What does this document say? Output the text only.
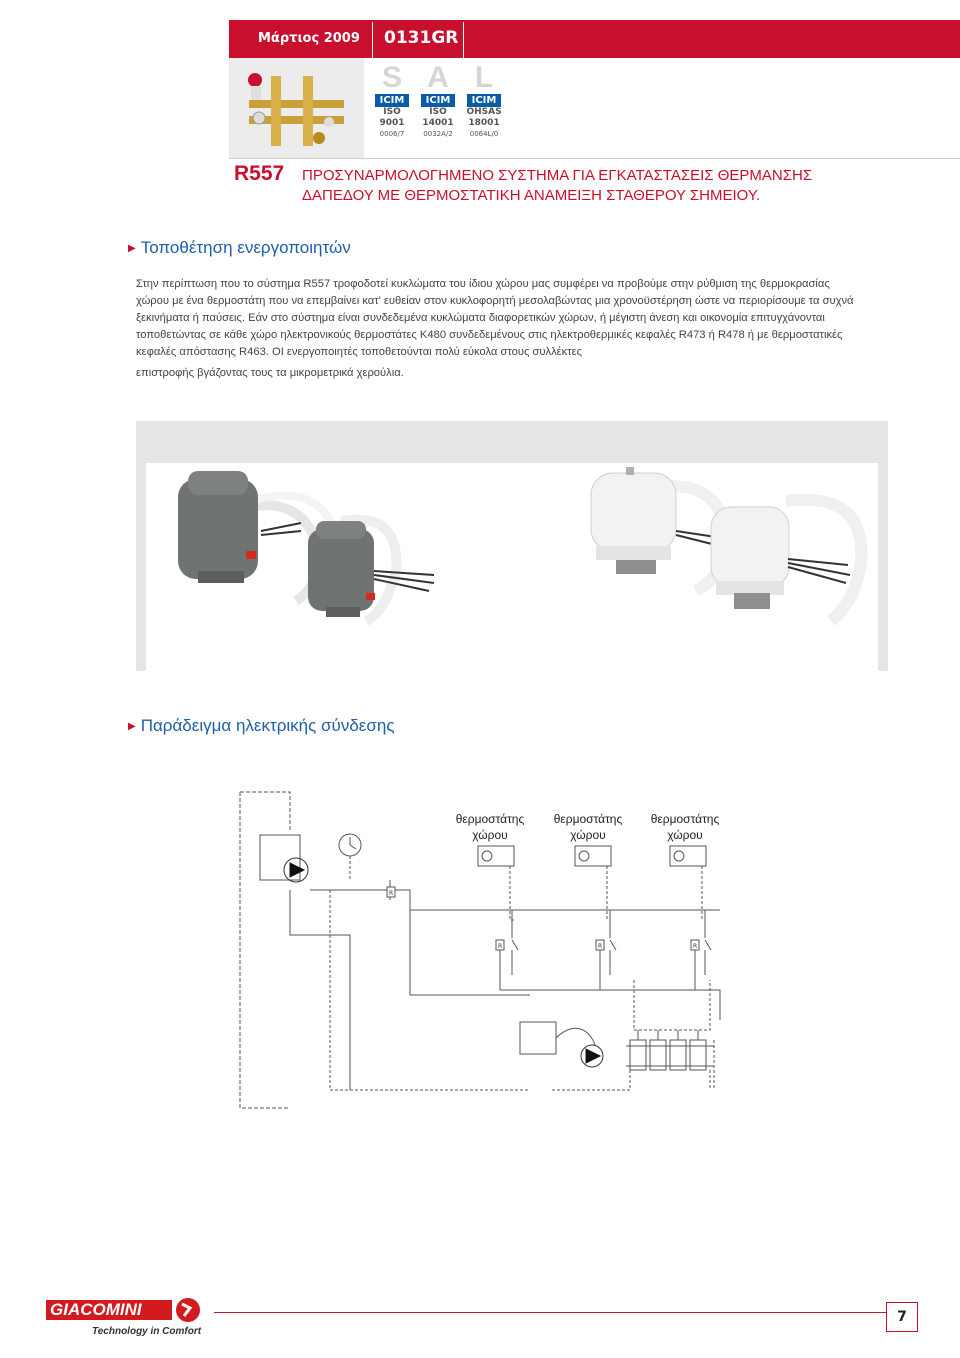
Μάρτιος 2009 0131GR
S
ICIM
ISO
9001
0006/7
A
ICIM
ISO
14001
0032A/2
L
ICIM
OHSAS
18001
0064L/0
R557 ΠΡΟΣΥΝΑΡΜΟΛΟΓΗΜΕΝΟ ΣΥΣΤΗΜΑ ΓΙΑ ΕΓΚΑΤΑΣΤΑΣΕΙΣ ΘΕΡΜΑΝΣΗΣ
ΔΑΠΕΔΟΥ ΜΕ ΘΕΡΜΟΣΤΑΤΙΚΗ ΑΝΑΜΕΙΞΗ ΣΤΑΘΕΡΟΥ ΣΗΜΕΙΟΥ.
▶ Τοποθέτηση ενεργοποιητών

Στην περίπτωση που το σύστημα R557 τροφοδοτεί κυκλώματα του ίδιου χώρου μας συμφέρει να προβούμε στην ρύθμιση της θερμοκρασίας χώρου με ένα θερμοστάτη που να επεμβαίνει κατ' ευθείαν στον κυκλοφορητή μεσολαβώντας μια χρονοϋστέρηση ώστε να περιορίσουμε τα συχνά ξεκινήματα ή παύσεις. Εάν στο σύστημα είναι συνδεδεμένα κυκλώματα διαφορετικών χώρων, ή μέγιστη άνεση και οικονομία επιτυγχάνονται τοποθετώντας σε κάθε χώρο ηλεκτρονικούς θερμοστάτες Κ480 συνδεδεμένους στις ηλεκτροθερμικές κεφαλές R473 ή R478 ή με θερμοστατικές κεφαλές απόστασης R463. ΟΙ ενεργοποιητές τοποθετούνται πολύ εύκολα στους συλλέκτες

επιστροφής βγάζοντας τους τα μικρομετρικά χερούλια.

▶ Παράδειγμα ηλεκτρικής σύνδεσης
θερμοστάτης
χώρου
θερμοστάτης
χώρου
θερμοστάτης
χώρου
R
R	R	R
GIACOMINI
Technology in Comfort
7
